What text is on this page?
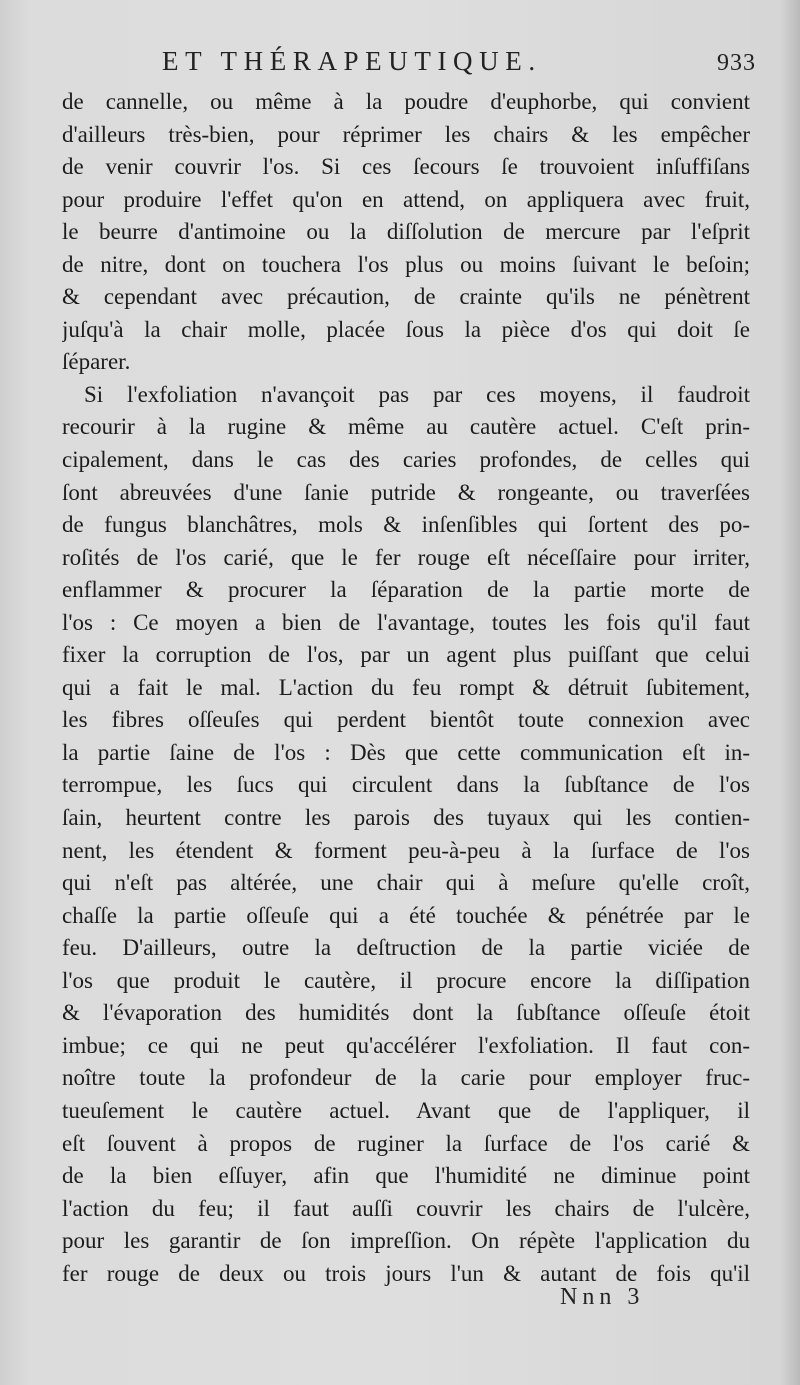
ET THÉRAPEUTIQUE.	933

de cannelle, ou même à la poudre d'euphorbe, qui convient
d'ailleurs très-bien, pour réprimer les chairs & les empêcher
de venir couvrir l'os. Si ces ſecours ſe trouvoient inſuffiſans
pour produire l'effet qu'on en attend, on appliquera avec fruit,
le beurre d'antimoine ou la diſſolution de mercure par l'eſprit
de nitre, dont on touchera l'os plus ou moins ſuivant le beſoin;
& cependant avec précaution, de crainte qu'ils ne pénètrent
juſqu'à la chair molle, placée ſous la pièce d'os qui doit ſe
ſéparer.

Si l'exfoliation n'avançoit pas par ces moyens, il faudroit
recourir à la rugine & même au cautère actuel. C'eſt prin-
cipalement, dans le cas des caries profondes, de celles qui
ſont abreuvées d'une ſanie putride & rongeante, ou traverſées
de fungus blanchâtres, mols & inſenſibles qui ſortent des po-
roſités de l'os carié, que le fer rouge eſt néceſſaire pour irriter,
enflammer & procurer la ſéparation de la partie morte de
l'os : Ce moyen a bien de l'avantage, toutes les fois qu'il faut
fixer la corruption de l'os, par un agent plus puiſſant que celui
qui a fait le mal. L'action du feu rompt & détruit ſubitement,
les fibres oſſeuſes qui perdent bientôt toute connexion avec
la partie ſaine de l'os : Dès que cette communication eſt in-
terrompue, les ſucs qui circulent dans la ſubſtance de l'os
ſain, heurtent contre les parois des tuyaux qui les contien-
nent, les étendent & forment peu-à-peu à la ſurface de l'os
qui n'eſt pas altérée, une chair qui à meſure qu'elle croît,
chaſſe la partie oſſeuſe qui a été touchée & pénétrée par le
feu. D'ailleurs, outre la deſtruction de la partie viciée de
l'os que produit le cautère, il procure encore la diſſipation
& l'évaporation des humidités dont la ſubſtance oſſeuſe étoit
imbue; ce qui ne peut qu'accélérer l'exfoliation. Il faut con-
noître toute la profondeur de la carie pour employer fruc-
tueuſement le cautère actuel. Avant que de l'appliquer, il
eſt ſouvent à propos de ruginer la ſurface de l'os carié &
de la bien eſſuyer, afin que l'humidité ne diminue point
l'action du feu; il faut auſſi couvrir les chairs de l'ulcère,
pour les garantir de ſon impreſſion. On répète l'application du
fer rouge de deux ou trois jours l'un & autant de fois qu'il

Nnn 3
